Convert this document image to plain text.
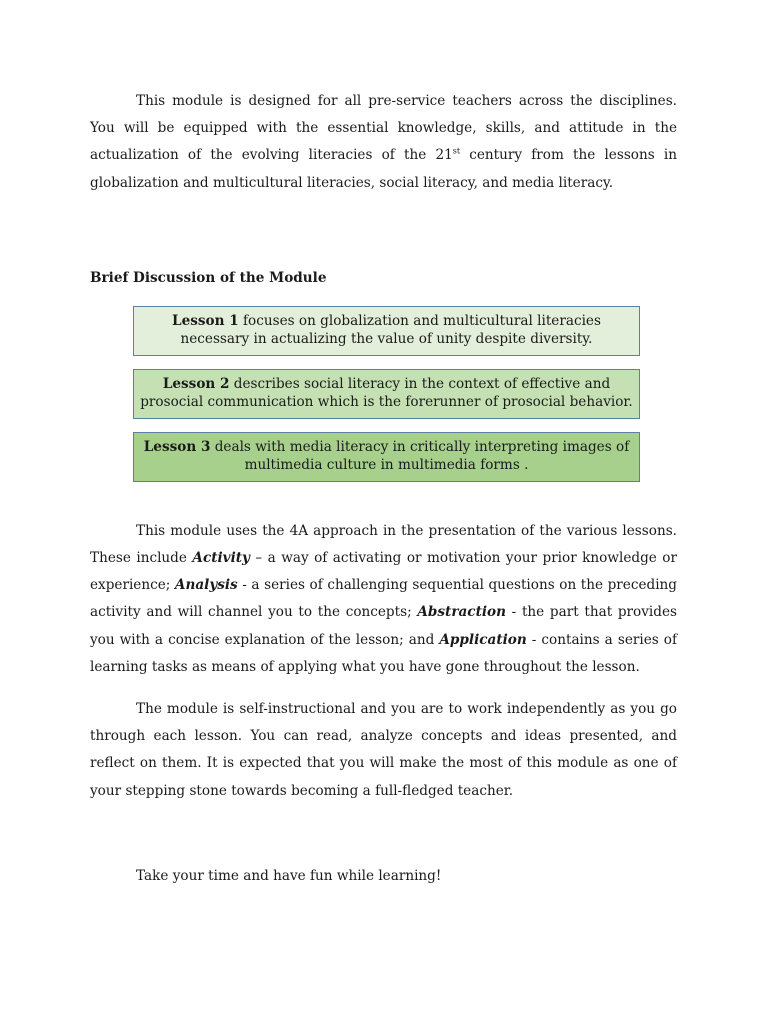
This module is designed for all pre-service teachers across the disciplines. You will be equipped with the essential knowledge, skills, and attitude in the actualization of the evolving literacies of the 21st century from the lessons in globalization and multicultural literacies, social literacy, and media literacy.

Brief Discussion of the Module

Lesson 1 focuses on globalization and multicultural literacies necessary in actualizing the value of unity despite diversity.
Lesson 2 describes social literacy in the context of effective and prosocial communication which is the forerunner of prosocial behavior.
Lesson 3 deals with media literacy in critically interpreting images of multimedia culture in multimedia forms .

This module uses the 4A approach in the presentation of the various lessons. These include Activity – a way of activating or motivation your prior knowledge or experience; Analysis - a series of challenging sequential questions on the preceding activity and will channel you to the concepts; Abstraction - the part that provides you with a concise explanation of the lesson; and Application - contains a series of learning tasks as means of applying what you have gone throughout the lesson.

The module is self-instructional and you are to work independently as you go through each lesson. You can read, analyze concepts and ideas presented, and reflect on them. It is expected that you will make the most of this module as one of your stepping stone towards becoming a full-fledged teacher.

Take your time and have fun while learning!
